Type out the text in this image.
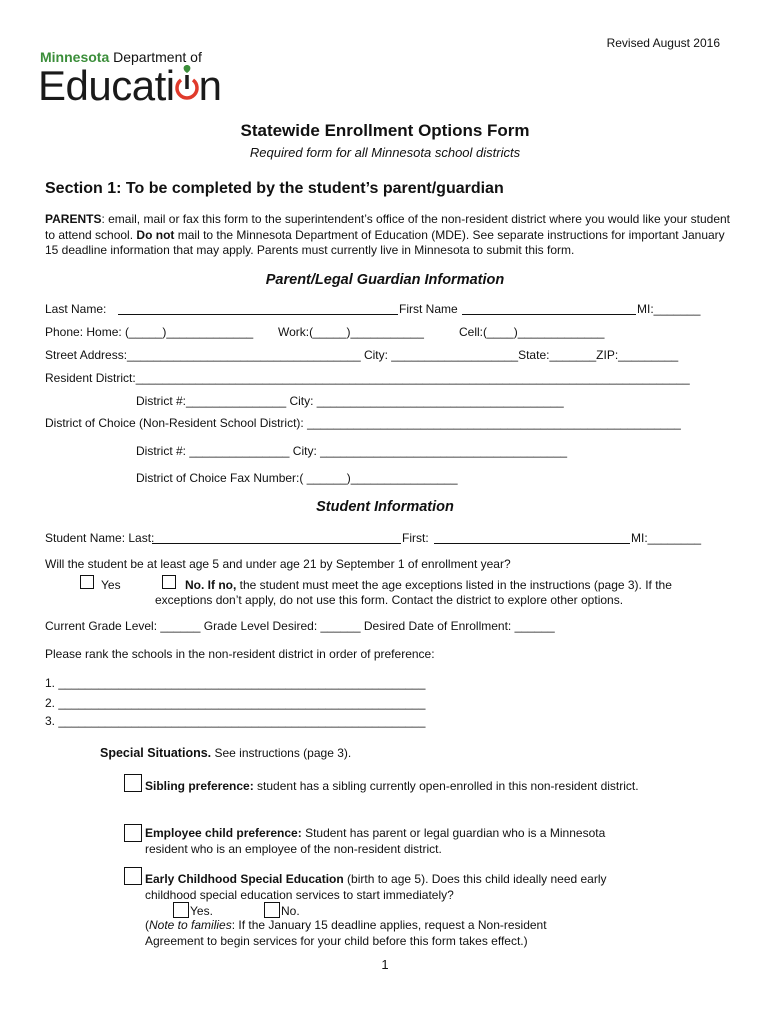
Revised August 2016
Minnesota Department of
Educati n
Statewide Enrollment Options Form
Required form for all Minnesota school districts
Section 1: To be completed by the student’s parent/guardian
PARENTS: email, mail or fax this form to the superintendent’s office of the non-resident district where you would like your student to attend school. Do not mail to the Minnesota Department of Education (MDE). See separate instructions for important January 15 deadline information that may apply. Parents must currently live in Minnesota to submit this form.
Parent/Legal Guardian Information
Last Name:	First Name	MI:_______
Phone: Home: (_____)_____________ Work:(_____)___________	Cell:(____)_____________
Street Address:___________________________________ City: ___________________State:_______ZIP:_________
Resident District:___________________________________________________________________________________
District #:_______________ City: _____________________________________
District of Choice (Non-Resident School District): ________________________________________________________
District #: _______________ City: _____________________________________
District of Choice Fax Number:( ______)________________
Student Information
Student Name: Last:	First:	MI:________
Will the student be at least age 5 and under age 21 by September 1 of enrollment year?
Yes	No. If no, the student must meet the age exceptions listed in the instructions (page 3). If the
exceptions don’t apply, do not use this form. Contact the district to explore other options.
Current Grade Level: ______ Grade Level Desired: ______ Desired Date of Enrollment: ______
Please rank the schools in the non-resident district in order of preference:
1. _______________________________________________________
2. _______________________________________________________
3. _______________________________________________________
Special Situations. See instructions (page 3).
Sibling preference: student has a sibling currently open-enrolled in this non-resident district.
Employee child preference: Student has parent or legal guardian who is a Minnesota resident who is an employee of the non-resident district.
Early Childhood Special Education (birth to age 5). Does this child ideally need early childhood special education services to start immediately?
Yes.	No.
(Note to families: If the January 15 deadline applies, request a Non-resident Agreement to begin services for your child before this form takes effect.)
1
